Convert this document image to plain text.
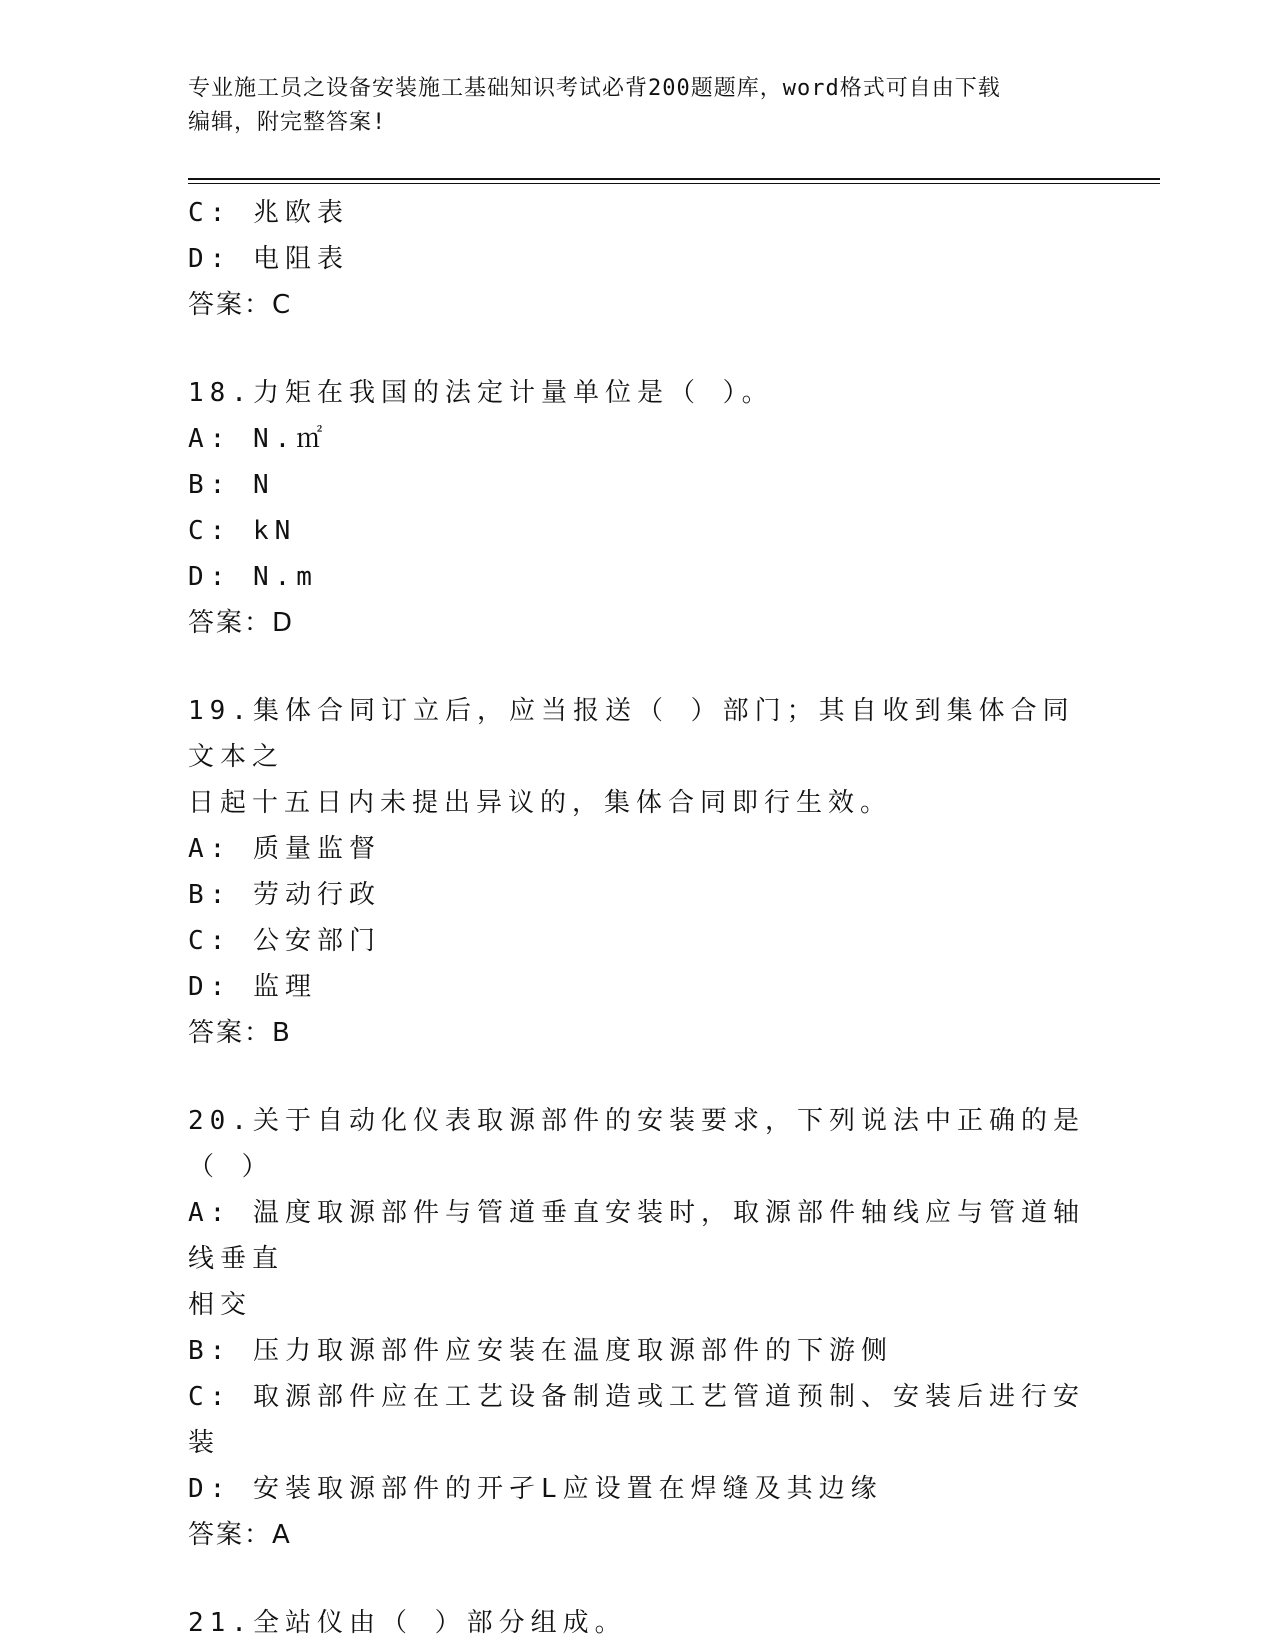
专业施工员之设备安装施工基础知识考试必背200题题库，word格式可自由下载
编辑，附完整答案!

C: 兆欧表

D: 电阻表

答案：C

18.力矩在我国的法定计量单位是（ ）。

A: N.㎡

B: N

C: kN

D: N.m

答案：D

19.集体合同订立后，应当报送（ ）部门；其自收到集体合同文本之

日起十五日内未提出异议的，集体合同即行生效。

A: 质量监督

B: 劳动行政

C: 公安部门

D: 监理

答案：B

20.关于自动化仪表取源部件的安装要求，下列说法中正确的是（ ）

A: 温度取源部件与管道垂直安装时，取源部件轴线应与管道轴线垂直

相交

B: 压力取源部件应安装在温度取源部件的下游侧

C: 取源部件应在工艺设备制造或工艺管道预制、安装后进行安装

D: 安装取源部件的开孑L应设置在焊缝及其边缘

答案：A

21.全站仪由（ ）部分组成。
